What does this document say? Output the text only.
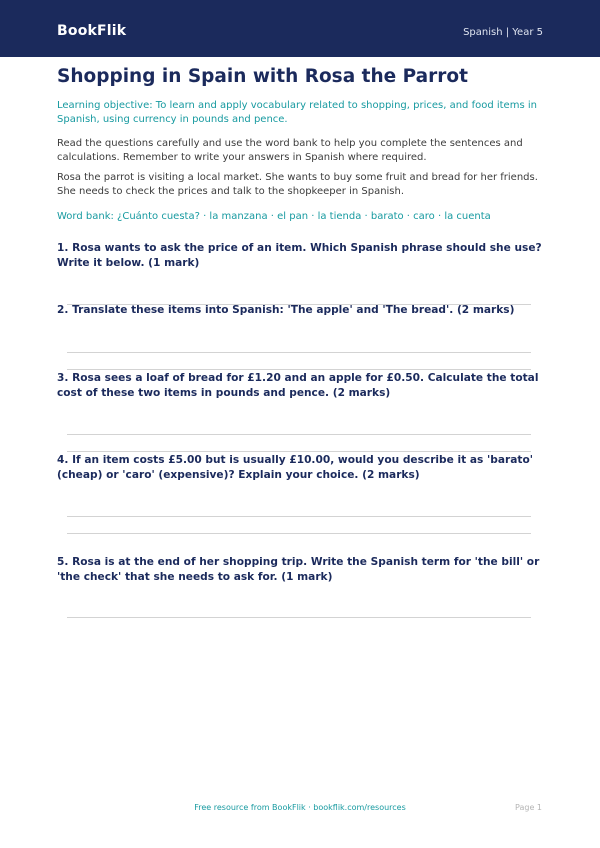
BookFlik	Spanish | Year 5
Shopping in Spain with Rosa the Parrot

Learning objective: To learn and apply vocabulary related to shopping, prices, and food items in Spanish, using currency in pounds and pence.

Read the questions carefully and use the word bank to help you complete the sentences and calculations. Remember to write your answers in Spanish where required.

Rosa the parrot is visiting a local market. She wants to buy some fruit and bread for her friends. She needs to check the prices and talk to the shopkeeper in Spanish.

Word bank: ¿Cuánto cuesta? · la manzana · el pan · la tienda · barato · caro · la cuenta

1. Rosa wants to ask the price of an item. Which Spanish phrase should she use? Write it below. (1 mark)

2. Translate these items into Spanish: 'The apple' and 'The bread'. (2 marks)

3. Rosa sees a loaf of bread for £1.20 and an apple for £0.50. Calculate the total cost of these two items in pounds and pence. (2 marks)

4. If an item costs £5.00 but is usually £10.00, would you describe it as 'barato' (cheap) or 'caro' (expensive)? Explain your choice. (2 marks)

5. Rosa is at the end of her shopping trip. Write the Spanish term for 'the bill' or 'the check' that she needs to ask for. (1 mark)

Free resource from BookFlik · bookflik.com/resources	Page 1
